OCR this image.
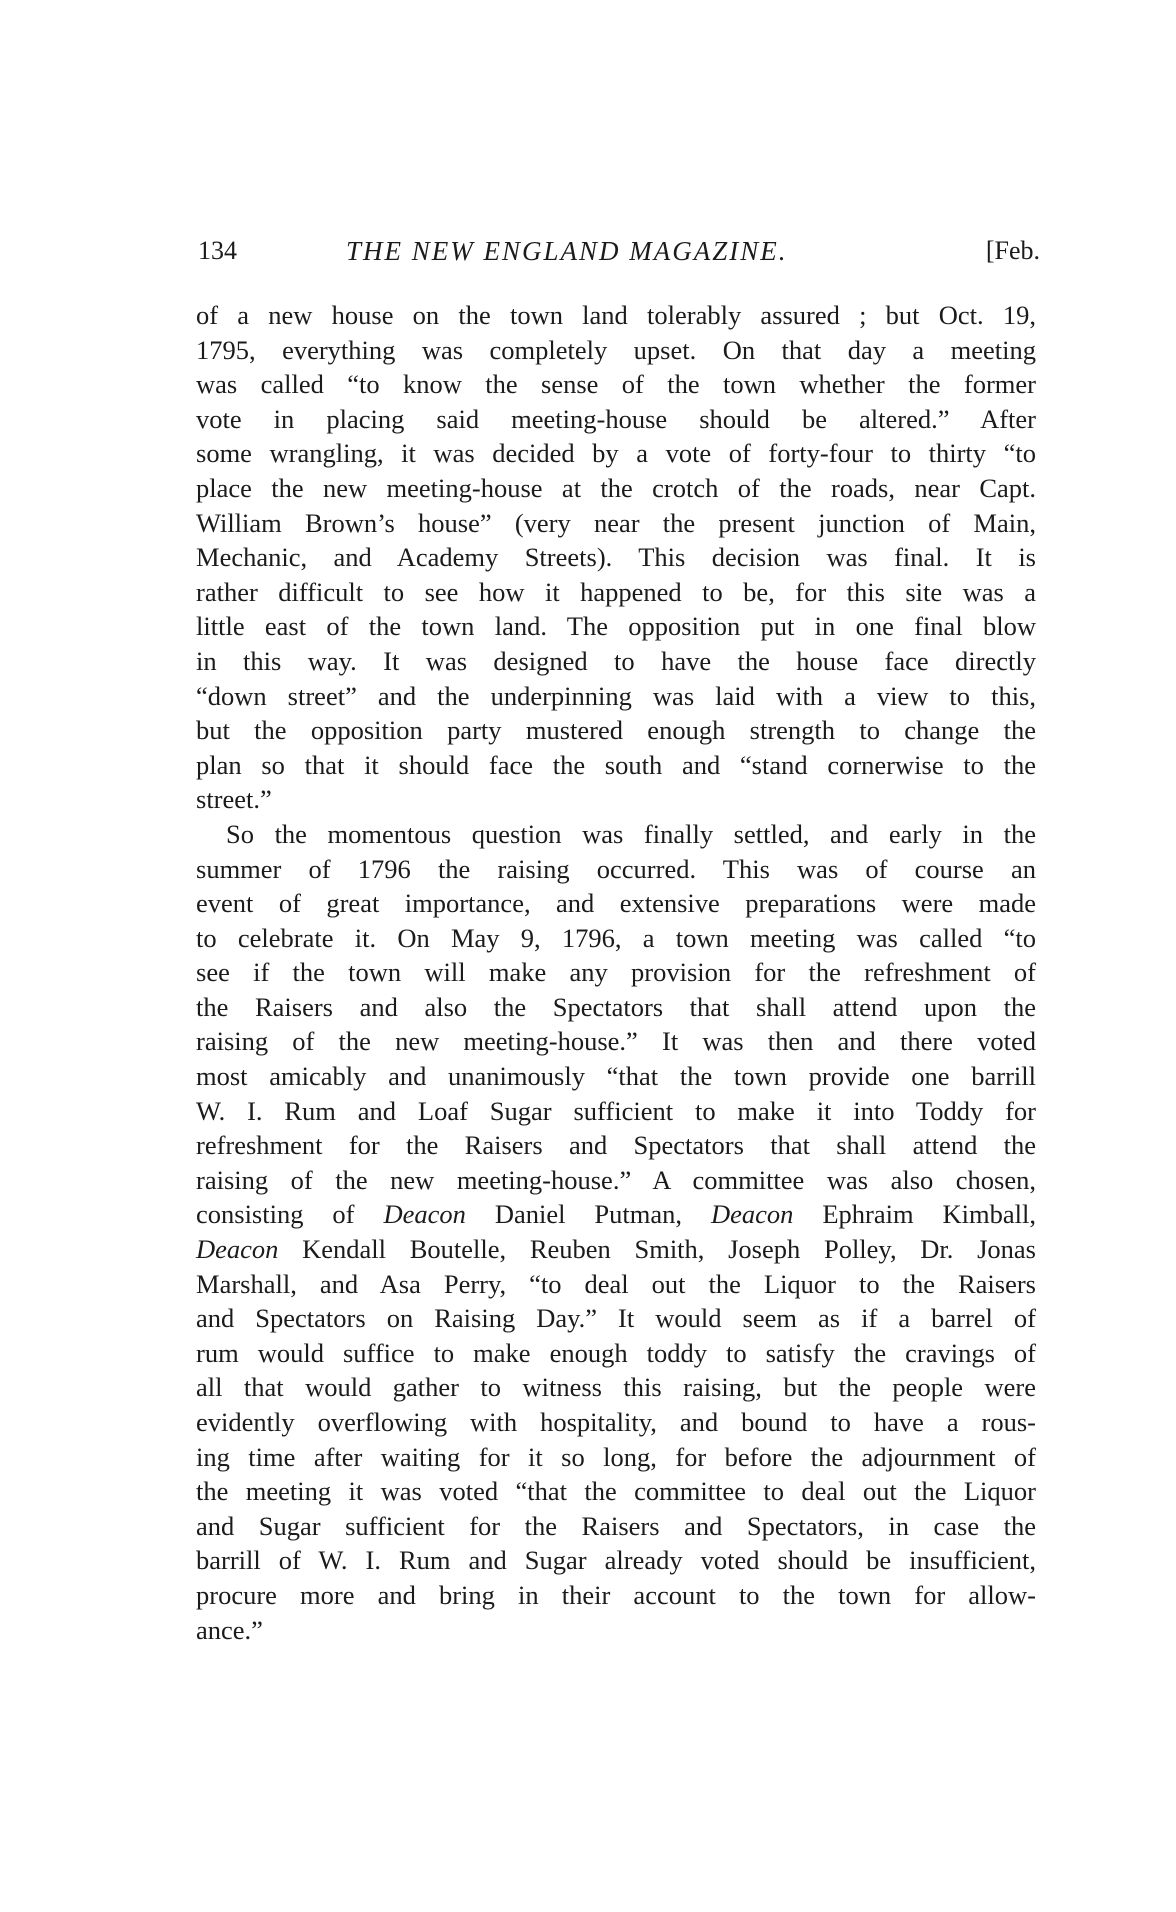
134	THE NEW ENGLAND MAGAZINE.	[Feb.
of a new house on the town land tolerably assured ; but Oct. 19,
1795, everything was completely upset. On that day a meeting
was called “to know the sense of the town whether the former
vote in placing said meeting-house should be altered.” After
some wrangling, it was decided by a vote of forty-four to thirty “to
place the new meeting-house at the crotch of the roads, near Capt.
William Brown’s house” (very near the present junction of Main,
Mechanic, and Academy Streets). This decision was final. It is
rather difficult to see how it happened to be, for this site was a
little east of the town land. The opposition put in one final blow
in this way. It was designed to have the house face directly
“down street” and the underpinning was laid with a view to this,
but the opposition party mustered enough strength to change the
plan so that it should face the south and “stand cornerwise to the
street.”
So the momentous question was finally settled, and early in the
summer of 1796 the raising occurred. This was of course an
event of great importance, and extensive preparations were made
to celebrate it. On May 9, 1796, a town meeting was called “to
see if the town will make any provision for the refreshment of
the Raisers and also the Spectators that shall attend upon the
raising of the new meeting-house.” It was then and there voted
most amicably and unanimously “that the town provide one barrill
W. I. Rum and Loaf Sugar sufficient to make it into Toddy for
refreshment for the Raisers and Spectators that shall attend the
raising of the new meeting-house.” A committee was also chosen,
consisting of Deacon Daniel Putman, Deacon Ephraim Kimball,
Deacon Kendall Boutelle, Reuben Smith, Joseph Polley, Dr. Jonas
Marshall, and Asa Perry, “to deal out the Liquor to the Raisers
and Spectators on Raising Day.” It would seem as if a barrel of
rum would suffice to make enough toddy to satisfy the cravings of
all that would gather to witness this raising, but the people were
evidently overflowing with hospitality, and bound to have a rous-
ing time after waiting for it so long, for before the adjournment of
the meeting it was voted “that the committee to deal out the Liquor
and Sugar sufficient for the Raisers and Spectators, in case the
barrill of W. I. Rum and Sugar already voted should be insufficient,
procure more and bring in their account to the town for allow-
ance.”
